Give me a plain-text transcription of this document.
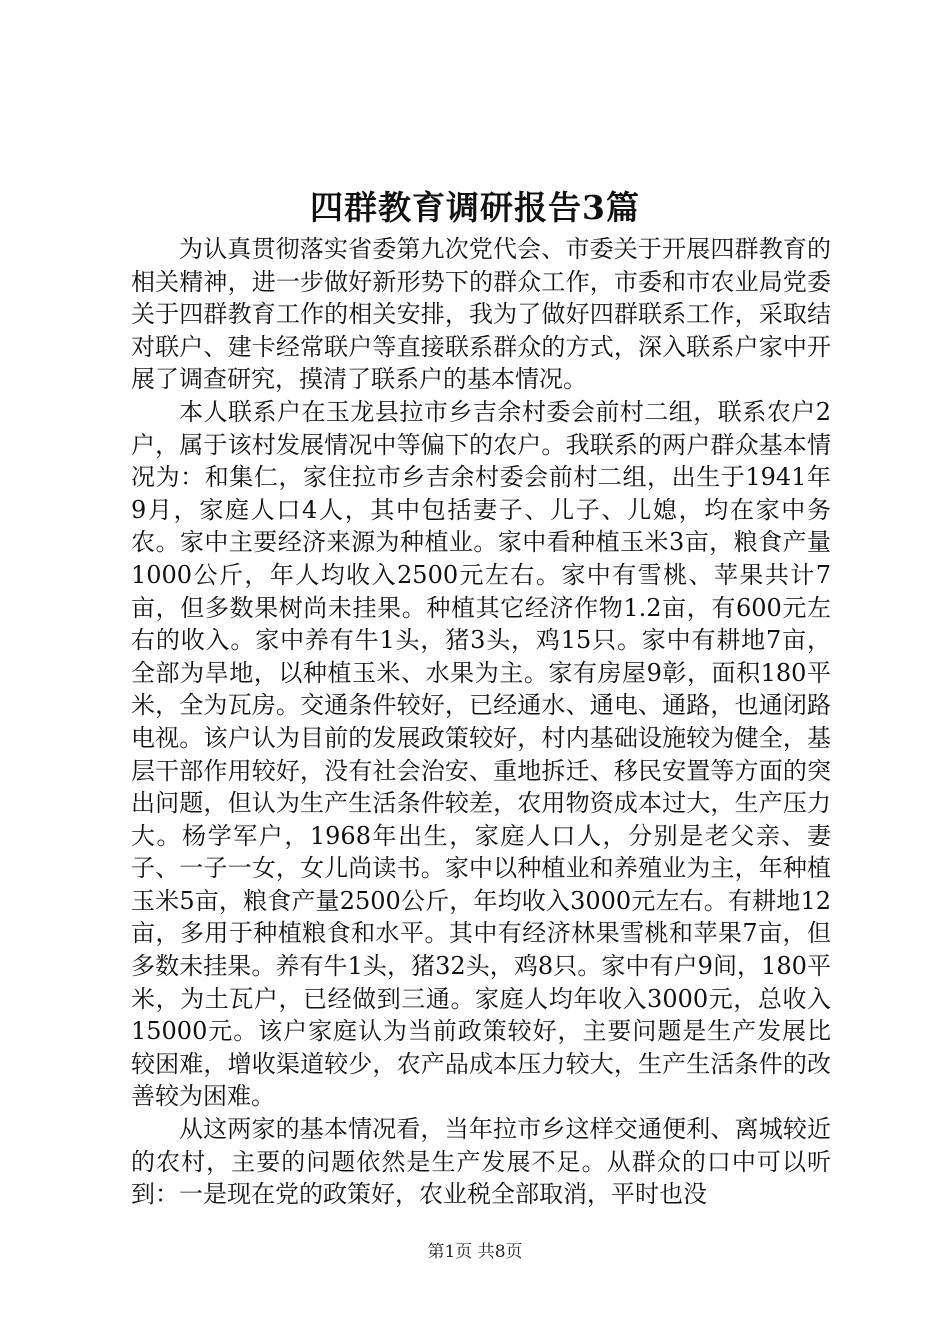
四群教育调研报告3篇

为认真贯彻落实省委第九次党代会、市委关于开展四群教育的相关精神，进一步做好新形势下的群众工作，市委和市农业局党委关于四群教育工作的相关安排，我为了做好四群联系工作，采取结对联户、建卡经常联户等直接联系群众的方式，深入联系户家中开展了调查研究，摸清了联系户的基本情况。

本人联系户在玉龙县拉市乡吉余村委会前村二组，联系农户2户，属于该村发展情况中等偏下的农户。我联系的两户群众基本情况为：和集仁，家住拉市乡吉余村委会前村二组，出生于1941年9月，家庭人口4人，其中包括妻子、儿子、儿媳，均在家中务农。家中主要经济来源为种植业。家中看种植玉米3亩，粮食产量1000公斤，年人均收入2500元左右。家中有雪桃、苹果共计7亩，但多数果树尚未挂果。种植其它经济作物1.2亩，有600元左右的收入。家中养有牛1头，猪3头，鸡15只。家中有耕地7亩，全部为旱地，以种植玉米、水果为主。家有房屋9彰，面积180平米，全为瓦房。交通条件较好，已经通水、通电、通路，也通闭路电视。该户认为目前的发展政策较好，村内基础设施较为健全，基层干部作用较好，没有社会治安、重地拆迁、移民安置等方面的突出问题，但认为生产生活条件较差，农用物资成本过大，生产压力大。杨学军户，1968年出生，家庭人口人，分别是老父亲、妻子、一子一女，女儿尚读书。家中以种植业和养殖业为主，年种植玉米5亩，粮食产量2500公斤，年均收入3000元左右。有耕地12亩，多用于种植粮食和水平。其中有经济林果雪桃和苹果7亩，但多数未挂果。养有牛1头，猪32头，鸡8只。家中有户9间，180平米，为土瓦户，已经做到三通。家庭人均年收入3000元，总收入15000元。该户家庭认为当前政策较好，主要问题是生产发展比较困难，增收渠道较少，农产品成本压力较大，生产生活条件的改善较为困难。

从这两家的基本情况看，当年拉市乡这样交通便利、离城较近的农村，主要的问题依然是生产发展不足。从群众的口中可以听到：一是现在党的政策好，农业税全部取消，平时也没

第1页 共8页
